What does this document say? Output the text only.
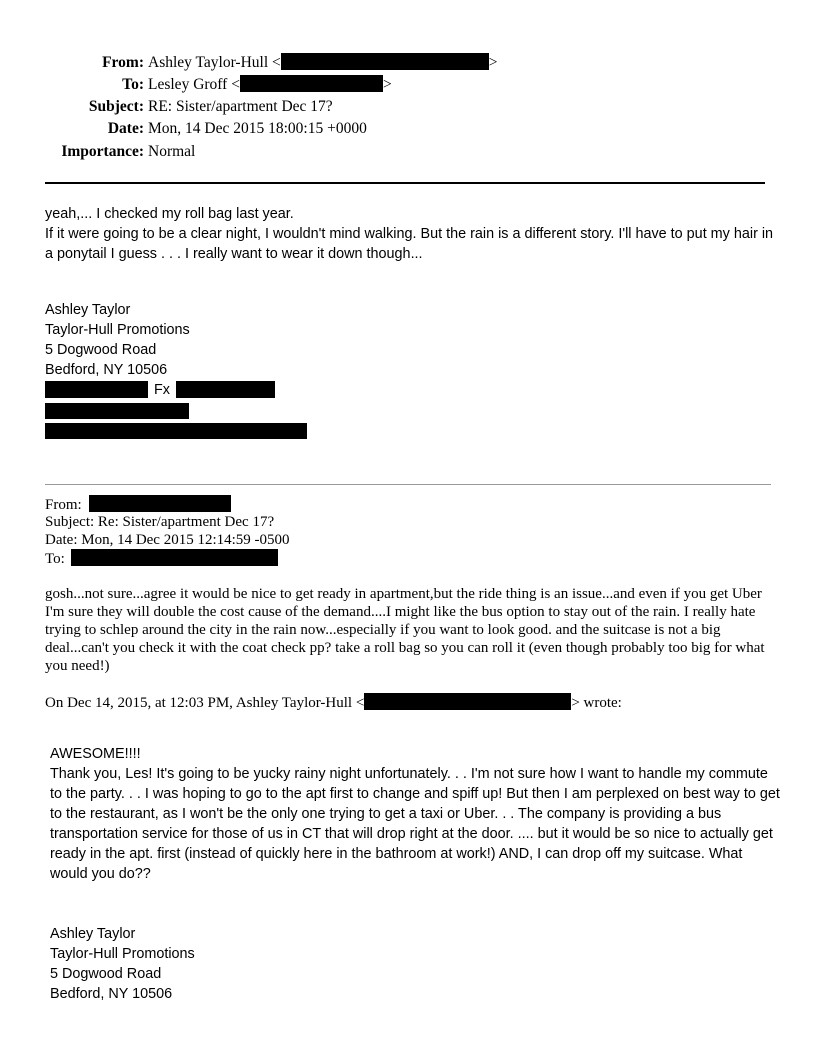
From: Ashley Taylor-Hull <	>
To: Lesley Groff <	>
Subject: RE: Sister/apartment Dec 17?
Date: Mon, 14 Dec 2015 18:00:15 +0000
Importance: Normal
yeah,... I checked my roll bag last year.
If it were going to be a clear night, I wouldn't mind walking. But the rain is a different story. I'll have to put my hair in a ponytail I guess . . . I really want to wear it down though...
Ashley Taylor
Taylor-Hull Promotions
5 Dogwood Road
Bedford, NY 10506
Fx
From:
Subject: Re: Sister/apartment Dec 17?
Date: Mon, 14 Dec 2015 12:14:59 -0500
To:
gosh...not sure...agree it would be nice to get ready in apartment,but the ride thing is an issue...and even if you get Uber I'm sure they will double the cost cause of the demand....I might like the bus option to stay out of the rain. I really hate trying to schlep around the city in the rain now...especially if you want to look good. and the suitcase is not a big deal...can't you check it with the coat check pp? take a roll bag so you can roll it (even though probably too big for what you need!)
On Dec 14, 2015, at 12:03 PM, Ashley Taylor-Hull <	> wrote:
AWESOME!!!!
Thank you, Les! It's going to be yucky rainy night unfortunately. . . I'm not sure how I want to handle my commute to the party. . . I was hoping to go to the apt first to change and spiff up! But then I am perplexed on best way to get to the restaurant, as I won't be the only one trying to get a taxi or Uber. . . The company is providing a bus transportation service for those of us in CT that will drop right at the door. .... but it would be so nice to actually get ready in the apt. first (instead of quickly here in the bathroom at work!) AND, I can drop off my suitcase. What would you do??
Ashley Taylor
Taylor-Hull Promotions
5 Dogwood Road
Bedford, NY 10506
